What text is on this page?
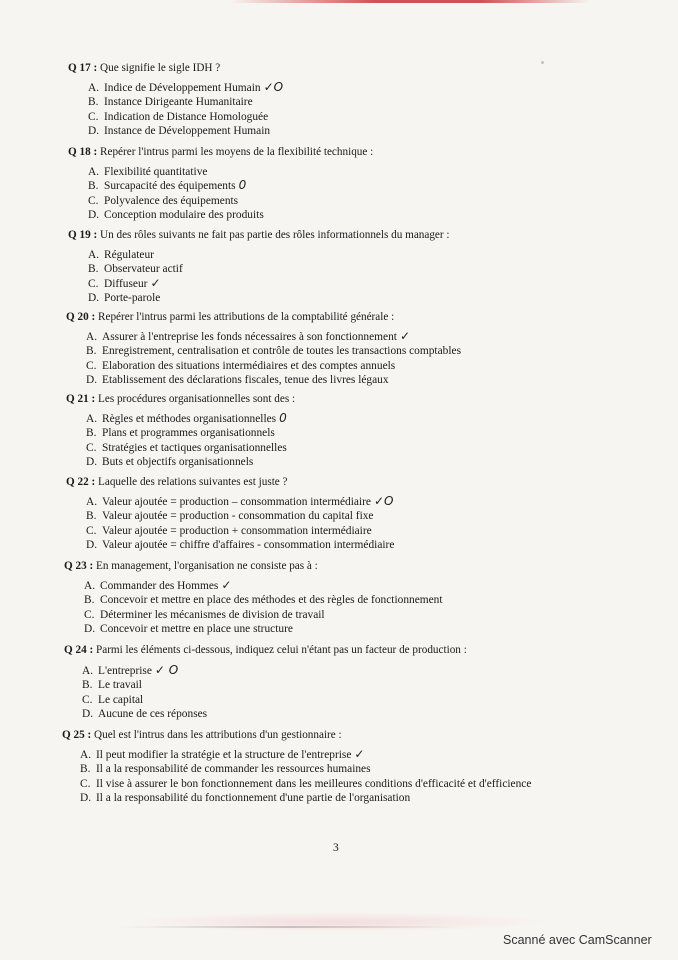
Q 17 : Que signifie le sigle IDH ?
A. Indice de Développement Humain ✓O
B. Instance Dirigeante Humanitaire
C. Indication de Distance Homologuée
D. Instance de Développement Humain
Q 18 : Repérer l'intrus parmi les moyens de la flexibilité technique :
A. Flexibilité quantitative
B. Surcapacité des équipements 0
C. Polyvalence des équipements
D. Conception modulaire des produits
Q 19 : Un des rôles suivants ne fait pas partie des rôles informationnels du manager :
A. Régulateur
B. Observateur actif
C. Diffuseur ✓
D. Porte-parole
Q 20 : Repérer l'intrus parmi les attributions de la comptabilité générale :
A. Assurer à l'entreprise les fonds nécessaires à son fonctionnement ✓
B. Enregistrement, centralisation et contrôle de toutes les transactions comptables
C. Elaboration des situations intermédiaires et des comptes annuels
D. Etablissement des déclarations fiscales, tenue des livres légaux
Q 21 : Les procédures organisationnelles sont des :
A. Règles et méthodes organisationnelles 0
B. Plans et programmes organisationnels
C. Stratégies et tactiques organisationnelles
D. Buts et objectifs organisationnels
Q 22 : Laquelle des relations suivantes est juste ?
A. Valeur ajoutée = production – consommation intermédiaire ✓O
B. Valeur ajoutée = production - consommation du capital fixe
C. Valeur ajoutée = production + consommation intermédiaire
D. Valeur ajoutée = chiffre d'affaires - consommation intermédiaire
Q 23 : En management, l'organisation ne consiste pas à :
A. Commander des Hommes ✓
B. Concevoir et mettre en place des méthodes et des règles de fonctionnement
C. Déterminer les mécanismes de division de travail
D. Concevoir et mettre en place une structure
Q 24 : Parmi les éléments ci-dessous, indiquez celui n'étant pas un facteur de production :
A. L'entreprise ✓ O
B. Le travail
C. Le capital
D. Aucune de ces réponses
Q 25 : Quel est l'intrus dans les attributions d'un gestionnaire :
A. Il peut modifier la stratégie et la structure de l'entreprise ✓
B. Il a la responsabilité de commander les ressources humaines
C. Il vise à assurer le bon fonctionnement dans les meilleures conditions d'efficacité et d'efficience
D. Il a la responsabilité du fonctionnement d'une partie de l'organisation
3
Scanné avec CamScanner
